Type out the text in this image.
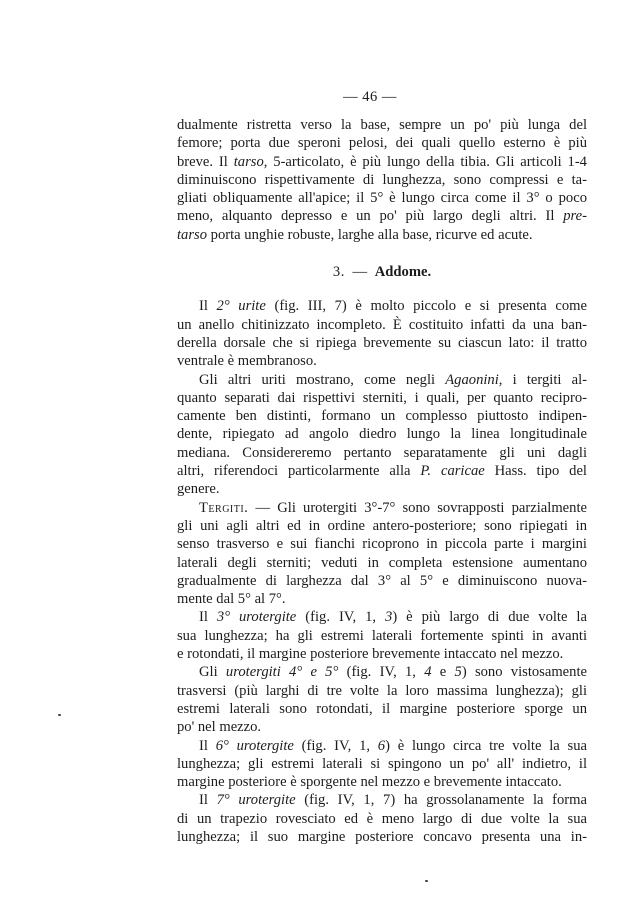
— 46 —
dualmente ristretta verso la base, sempre un po' più lunga del
femore; porta due speroni pelosi, dei quali quello esterno è più
breve. Il tarso, 5-articolato, è più lungo della tibia. Gli articoli 1-4
diminuiscono rispettivamente di lunghezza, sono compressi e ta-
gliati obliquamente all'apice; il 5° è lungo circa come il 3° o poco
meno, alquanto depresso e un po' più largo degli altri. Il pre-
tarso porta unghie robuste, larghe alla base, ricurve ed acute.
3. — Addome.
Il 2° urite (fig. III, 7) è molto piccolo e si presenta come
un anello chitinizzato incompleto. È costituito infatti da una ban-
derella dorsale che si ripiega brevemente su ciascun lato: il tratto
ventrale è membranoso.
Gli altri uriti mostrano, come negli Agaonini, i tergiti al-
quanto separati dai rispettivi sterniti, i quali, per quanto recipro-
camente ben distinti, formano un complesso piuttosto indipen-
dente, ripiegato ad angolo diedro lungo la linea longitudinale
mediana. Considereremo pertanto separatamente gli uni dagli
altri, riferendoci particolarmente alla P. caricae Hass. tipo del
genere.
Tergiti. — Gli urotergiti 3°-7° sono sovrapposti parzialmente
gli uni agli altri ed in ordine antero-posteriore; sono ripiegati in
senso trasverso e sui fianchi ricoprono in piccola parte i margini
laterali degli sterniti; veduti in completa estensione aumentano
gradualmente di larghezza dal 3° al 5° e diminuiscono nuova-
mente dal 5° al 7°.
Il 3° urotergite (fig. IV, 1, 3) è più largo di due volte la
sua lunghezza; ha gli estremi laterali fortemente spinti in avanti
e rotondati, il margine posteriore brevemente intaccato nel mezzo.
Gli urotergiti 4° e 5° (fig. IV, 1, 4 e 5) sono vistosamente
trasversi (più larghi di tre volte la loro massima lunghezza); gli
estremi laterali sono rotondati, il margine posteriore sporge un
po' nel mezzo.
Il 6° urotergite (fig. IV, 1, 6) è lungo circa tre volte la sua
lunghezza; gli estremi laterali si spingono un po' all' indietro, il
margine posteriore è sporgente nel mezzo e brevemente intaccato.
Il 7° urotergite (fig. IV, 1, 7) ha grossolanamente la forma
di un trapezio rovesciato ed è meno largo di due volte la sua
lunghezza; il suo margine posteriore concavo presenta una in-
